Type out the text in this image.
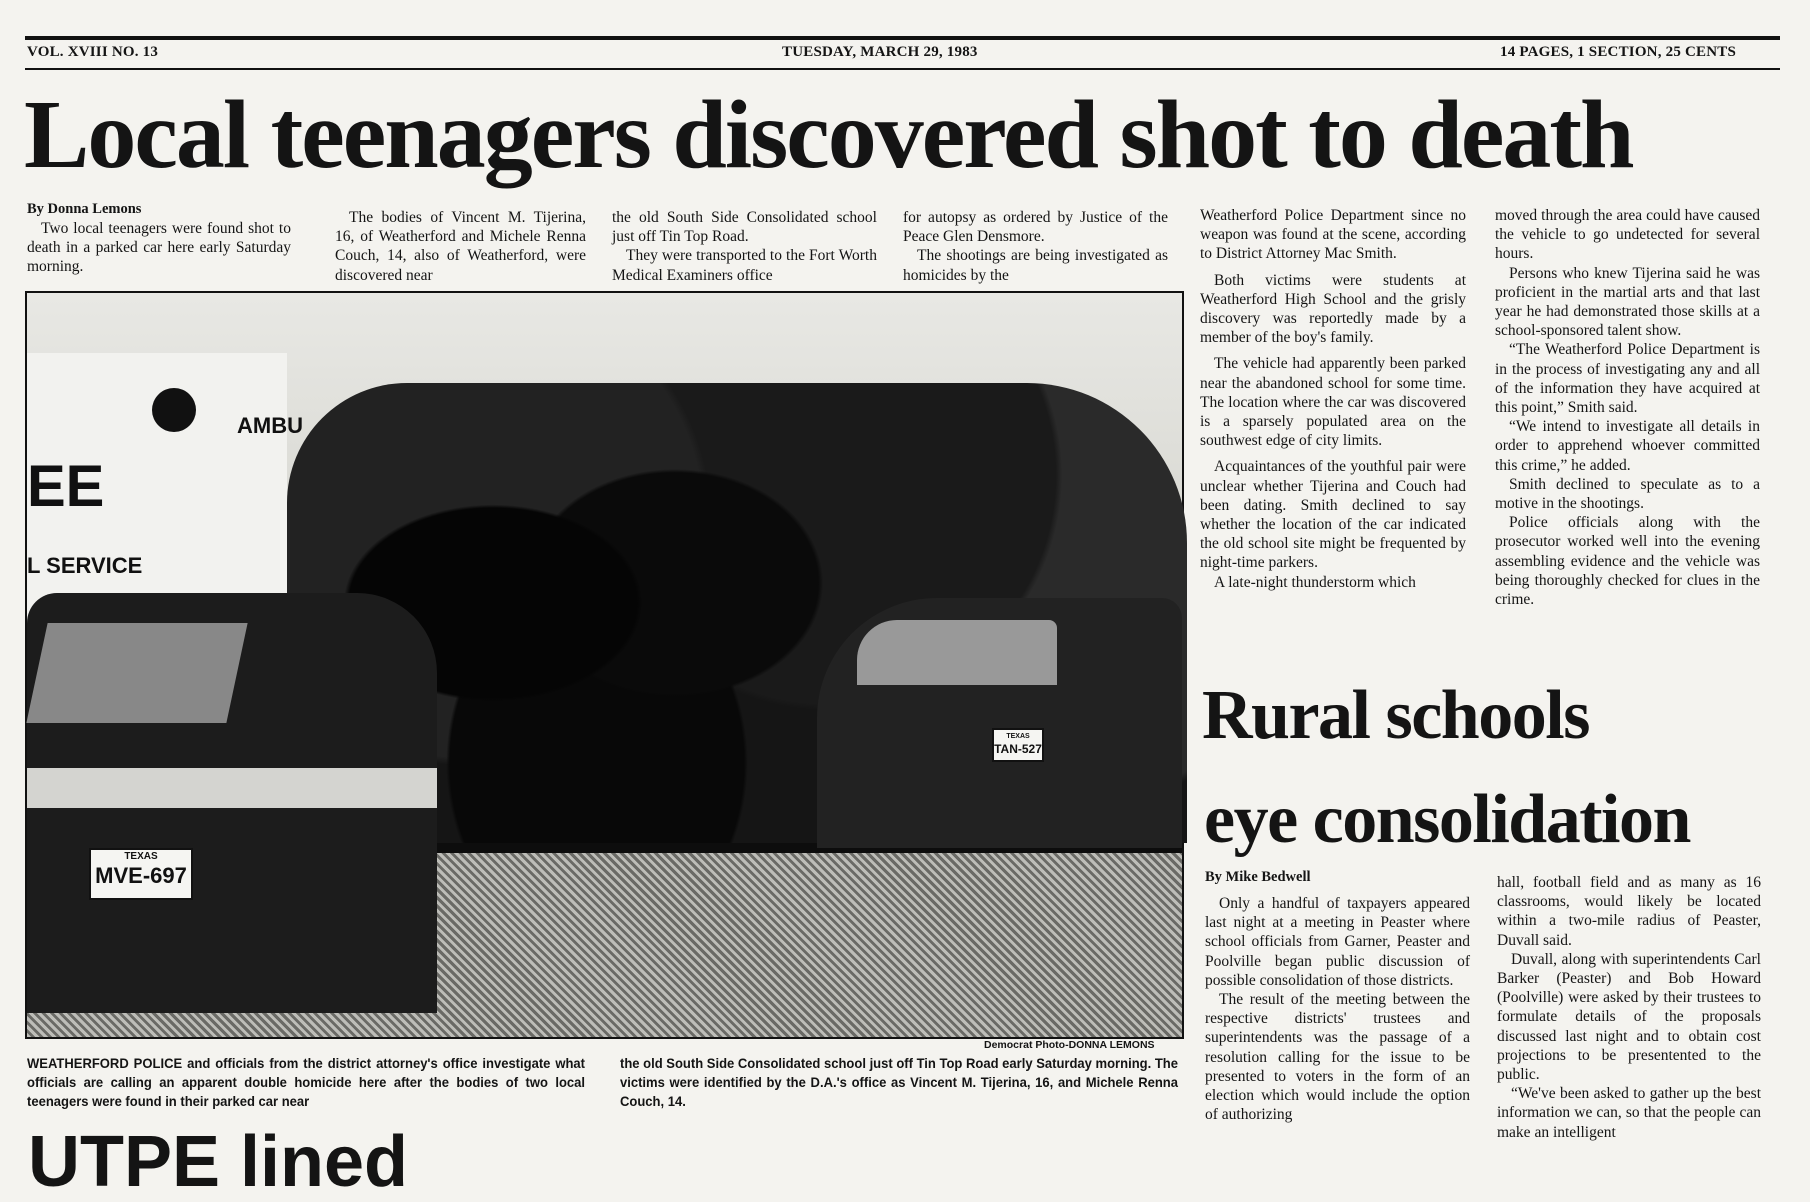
VOL. XVIII NO. 13	TUESDAY, MARCH 29, 1983	14 PAGES, 1 SECTION, 25 CENTS
Local teenagers discovered shot to death
By Donna Lemons

Two local teenagers were found shot to death in a parked car here early Saturday morning.

The bodies of Vincent M. Tijerina, 16, of Weatherford and Michele Renna Couch, 14, also of Weatherford, were discovered near

the old South Side Consolidated school just off Tin Top Road.

They were transported to the Fort Worth Medical Examiners office

for autopsy as ordered by Justice of the Peace Glen Densmore.

The shootings are being investigated as homicides by the

Weatherford Police Department since no weapon was found at the scene, according to District Attorney Mac Smith.

Both victims were students at Weatherford High School and the grisly discovery was reportedly made by a member of the boy's family.

The vehicle had apparently been parked near the abandoned school for some time. The location where the car was discovered is a sparsely populated area on the southwest edge of city limits.

Acquaintances of the youthful pair were unclear whether Tijerina and Couch had been dating. Smith declined to say whether the location of the car indicated the old school site might be frequented by night-time parkers.

A late-night thunderstorm which

moved through the area could have caused the vehicle to go undetected for several hours.

Persons who knew Tijerina said he was proficient in the martial arts and that last year he had demonstrated those skills at a school-sponsored talent show.

“The Weatherford Police Department is in the process of investigating any and all of the information they have acquired at this point,” Smith said.

“We intend to investigate all details in order to apprehend whoever committed this crime,” he added.

Smith declined to speculate as to a motive in the shootings.

Police officials along with the prosecutor worked well into the evening assembling evidence and the vehicle was being thoroughly checked for clues in the crime.

EE
L SERVICE
AMBU
TEXAS
TAN-527
TEXAS
MVE-697
Democrat Photo-DONNA LEMONS
WEATHERFORD POLICE and officials from the district attorney's office investigate what officials are calling an apparent double homicide here after the bodies of two local teenagers were found in their parked car near
the old South Side Consolidated school just off Tin Top Road early Saturday morning. The victims were identified by the D.A.'s office as Vincent M. Tijerina, 16, and Michele Renna Couch, 14.
UTPE lined
Rural schools
eye consolidation
By Mike Bedwell

Only a handful of taxpayers appeared last night at a meeting in Peaster where school officials from Garner, Peaster and Poolville began public discussion of possible consolidation of those districts.

The result of the meeting between the respective districts' trustees and superintendents was the passage of a resolution calling for the issue to be presented to voters in the form of an election which would include the option of authorizing

hall, football field and as many as 16 classrooms, would likely be located within a two-mile radius of Peaster, Duvall said.

Duvall, along with superintendents Carl Barker (Peaster) and Bob Howard (Poolville) were asked by their trustees to formulate details of the proposals discussed last night and to obtain cost projections to be presentented to the public.

“We've been asked to gather up the best information we can, so that the people can make an intelligent
